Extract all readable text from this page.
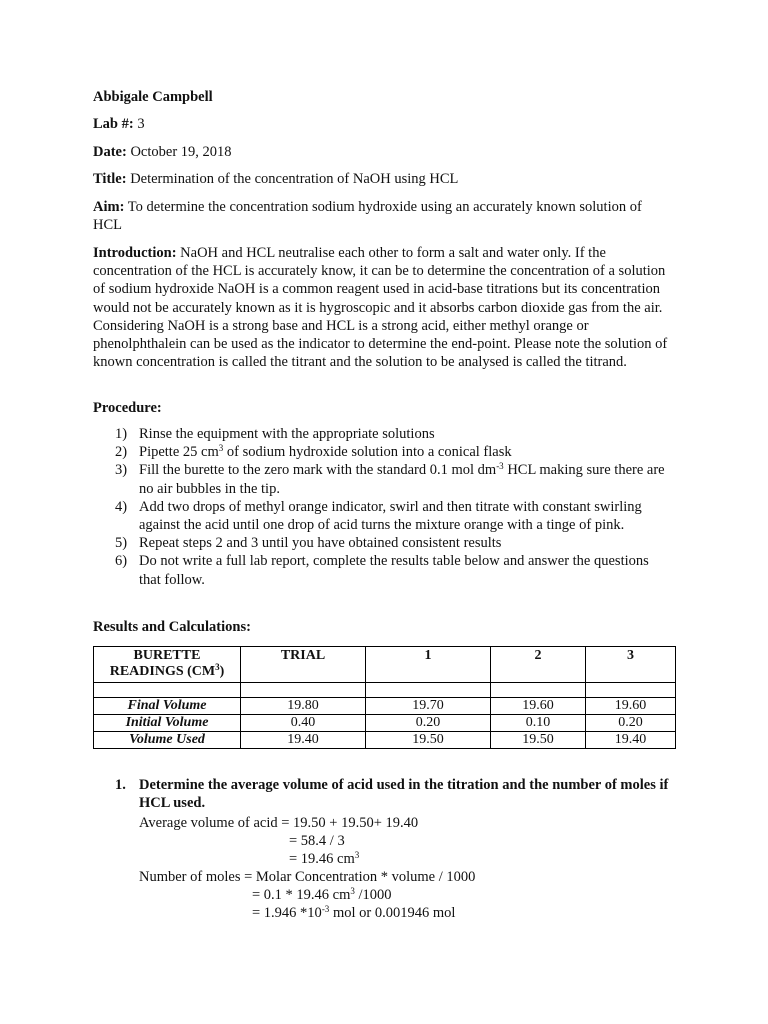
Abbigale Campbell
Lab #: 3
Date: October 19, 2018
Title: Determination of the concentration of NaOH using HCL
Aim: To determine the concentration sodium hydroxide using an accurately known solution of HCL
Introduction: NaOH and HCL neutralise each other to form a salt and water only. If the concentration of the HCL is accurately know, it can be to determine the concentration of a solution of sodium hydroxide NaOH is a common reagent used in acid-base titrations but its concentration would not be accurately known as it is hygroscopic and it absorbs carbon dioxide gas from the air. Considering NaOH is a strong base and HCL is a strong acid, either methyl orange or phenolphthalein can be used as the indicator to determine the end-point. Please note the solution of known concentration is called the titrant and the solution to be analysed is called the titrand.
Procedure:
1) Rinse the equipment with the appropriate solutions
2) Pipette 25 $cm^3$ of sodium hydroxide solution into a conical flask
3) Fill the burette to the zero mark with the standard 0.1 mol $dm^{-3}$ HCL making sure there are no air bubbles in the tip.
4) Add two drops of methyl orange indicator, swirl and then titrate with constant swirling against the acid until one drop of acid turns the mixture orange with a tinge of pink.
5) Repeat steps 2 and 3 until you have obtained consistent results
6) Do not write a full lab report, complete the results table below and answer the questions that follow.
Results and Calculations:
BURETTE
READINGS $(CM^3)$	TRIAL	1	2	3

Final Volume	19.80	19.70	19.60	19.60
Initial Volume	0.40	0.20	0.10	0.20
Volume Used	19.40	19.50	19.50	19.40
1. Determine the average volume of acid used in the titration and the number of moles if HCL used.
Average volume of acid = 19.50 + 19.50+ 19.40
= 58.4 / 3
= 19.46 $cm^3$
Number of moles = Molar Concentration * volume / 1000
= 0.1 * 19.46 $cm^3$ /1000
= 1.946 $*10^{-3}$ mol or 0.001946 mol
